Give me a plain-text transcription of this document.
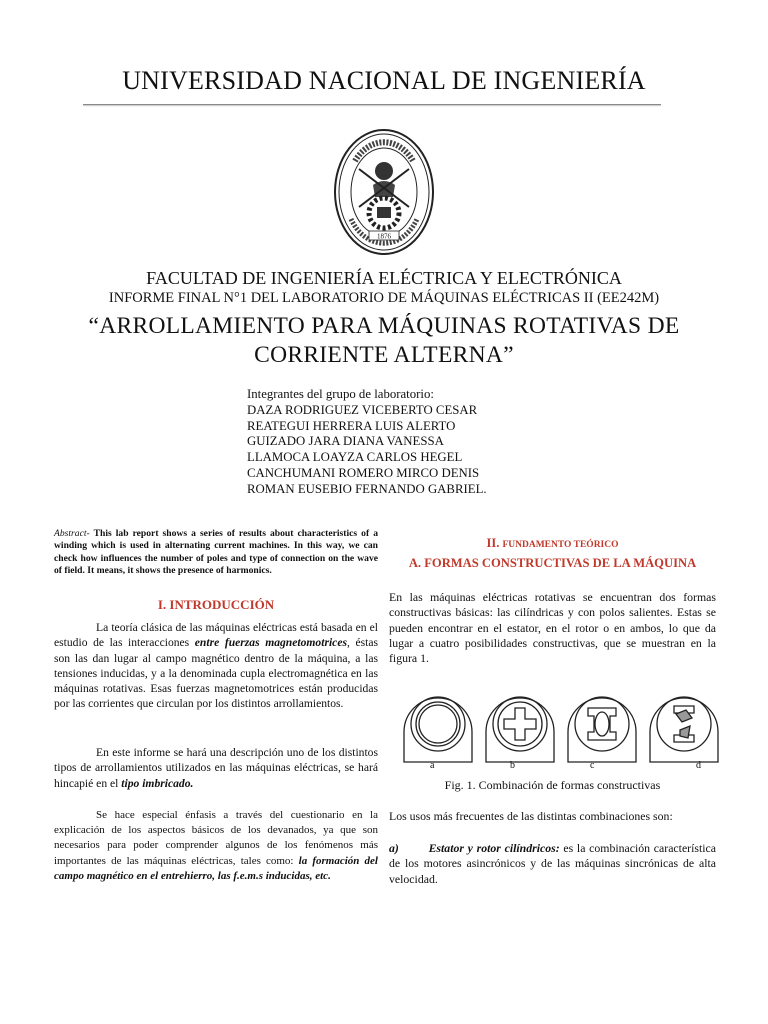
UNIVERSIDAD NACIONAL DE INGENIERÍA
1876
FACULTAD DE INGENIERÍA ELÉCTRICA Y ELECTRÓNICA
INFORME FINAL N°1 DEL LABORATORIO DE MÁQUINAS ELÉCTRICAS II (EE242M)
“ARROLLAMIENTO PARA MÁQUINAS ROTATIVAS DE
CORRIENTE ALTERNA”
Integrantes del grupo de laboratorio:
DAZA RODRIGUEZ VICEBERTO CESAR
REATEGUI HERRERA LUIS ALERTO
GUIZADO JARA DIANA VANESSA
LLAMOCA LOAYZA CARLOS HEGEL
CANCHUMANI ROMERO MIRCO DENIS
ROMAN EUSEBIO FERNANDO GABRIEL.
Abstract- This lab report shows a series of results about characteristics of a winding which is used in alternating current machines. In this way, we can check how influences the number of poles and type of connection on the wave of field. It means, it shows the presence of harmonics.
I. INTRODUCCIÓN
La teoría clásica de las máquinas eléctricas está basada en el estudio de las interacciones entre fuerzas magnetomotrices, éstas son las dan lugar al campo magnético dentro de la máquina, a las tensiones inducidas, y a la denominada cupla electromagnética en las máquinas rotativas. Esas fuerzas magnetomotrices están producidas por las corrientes que circulan por los distintos arrollamientos.
En este informe se hará una descripción uno de los distintos tipos de arrollamientos utilizados en las máquinas eléctricas, se hará hincapié en el tipo imbricado.
Se hace especial énfasis a través del cuestionario en la explicación de los aspectos básicos de los devanados, ya que son necesarios para poder comprender algunos de los fenómenos más importantes de las máquinas eléctricas, tales como: la formación del campo magnético en el entrehierro, las f.e.m.s inducidas, etc.
II. FUNDAMENTO TEÓRICO
A. FORMAS CONSTRUCTIVAS DE LA MÁQUINA
En las máquinas eléctricas rotativas se encuentran dos formas constructivas básicas: las cilíndricas y con polos salientes. Estas se pueden encontrar en el estator, en el rotor o en ambos, lo que da lugar a cuatro posibilidades constructivas, que se muestran en la figura 1.
a	b	c	d
Fig. 1. Combinación de formas constructivas
Los usos más frecuentes de las distintas combinaciones son:
a)	Estator y rotor cilíndricos: es la combinación característica de los motores asincrónicos y de las máquinas sincrónicas de alta velocidad.
